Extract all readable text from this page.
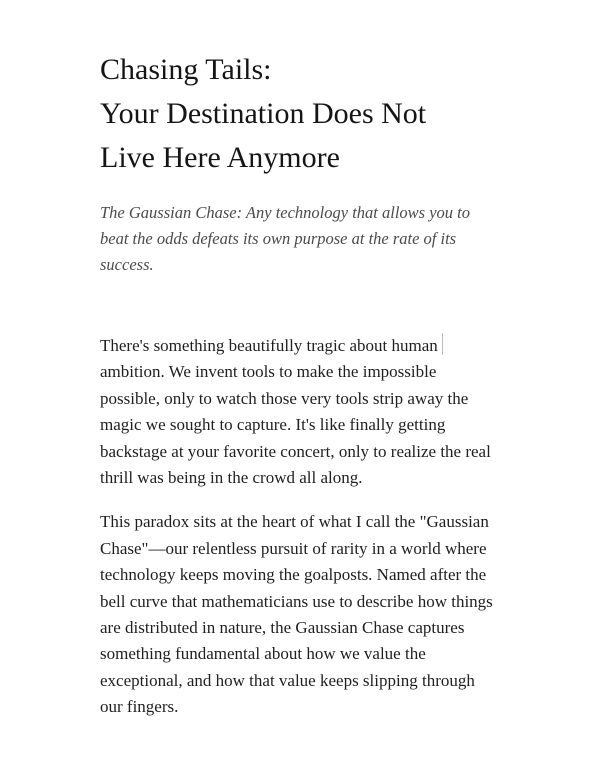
Chasing Tails:
Your Destination Does Not
Live Here Anymore

The Gaussian Chase: Any technology that allows you to beat the odds defeats its own purpose at the rate of its success.

There's something beautifully tragic about human ambition. We invent tools to make the impossible possible, only to watch those very tools strip away the magic we sought to capture. It's like finally getting backstage at your favorite concert, only to realize the real thrill was being in the crowd all along.

This paradox sits at the heart of what I call the "Gaussian Chase"—our relentless pursuit of rarity in a world where technology keeps moving the goalposts. Named after the bell curve that mathematicians use to describe how things are distributed in nature, the Gaussian Chase captures something fundamental about how we value the exceptional, and how that value keeps slipping through our fingers.
